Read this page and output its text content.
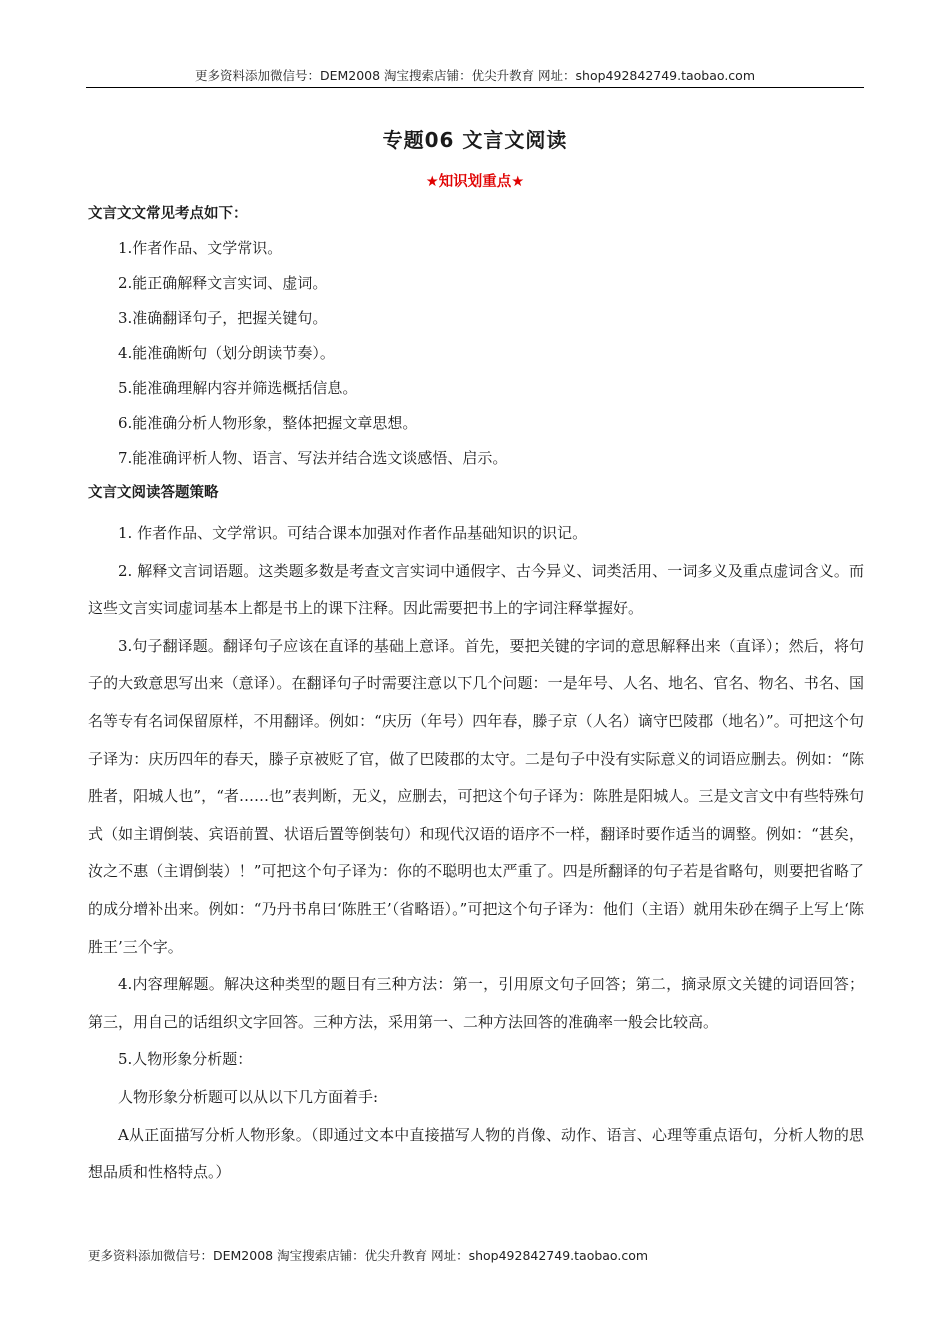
更多资料添加微信号：DEM2008 淘宝搜索店铺：优尖升教育 网址：shop492842749.taobao.com
专题06 文言文阅读
★知识划重点★
文言文文常见考点如下：
1.作者作品、文学常识。
2.能正确解释文言实词、虚词。
3.准确翻译句子，把握关键句。
4.能准确断句（划分朗读节奏）。
5.能准确理解内容并筛选概括信息。
6.能准确分析人物形象，整体把握文章思想。
7.能准确评析人物、语言、写法并结合选文谈感悟、启示。
文言文阅读答题策略

1. 作者作品、文学常识。可结合课本加强对作者作品基础知识的识记。

2. 解释文言词语题。这类题多数是考查文言实词中通假字、古今异义、词类活用、一词多义及重点虚词含义。而这些文言实词虚词基本上都是书上的课下注释。因此需要把书上的字词注释掌握好。

3.句子翻译题。翻译句子应该在直译的基础上意译。首先，要把关键的字词的意思解释出来（直译）；然后，将句子的大致意思写出来（意译）。在翻译句子时需要注意以下几个问题：一是年号、人名、地名、官名、物名、书名、国名等专有名词保留原样，不用翻译。例如：“庆历（年号）四年春，滕子京（人名）谪守巴陵郡（地名）”。可把这个句子译为：庆历四年的春天，滕子京被贬了官，做了巴陵郡的太守。二是句子中没有实际意义的词语应删去。例如：“陈胜者，阳城人也”，“者……也”表判断，无义，应删去，可把这个句子译为：陈胜是阳城人。三是文言文中有些特殊句式（如主谓倒装、宾语前置、状语后置等倒装句）和现代汉语的语序不一样，翻译时要作适当的调整。例如：“甚矣，汝之不惠（主谓倒装）！”可把这个句子译为：你的不聪明也太严重了。四是所翻译的句子若是省略句，则要把省略了的成分增补出来。例如：“乃丹书帛曰‘陈胜王’（省略语）。”可把这个句子译为：他们（主语）就用朱砂在绸子上写上‘陈胜王’三个字。

4.内容理解题。解决这种类型的题目有三种方法：第一，引用原文句子回答；第二，摘录原文关键的词语回答；第三，用自己的话组织文字回答。三种方法，采用第一、二种方法回答的准确率一般会比较高。

5.人物形象分析题：

人物形象分析题可以从以下几方面着手:

A从正面描写分析人物形象。（即通过文本中直接描写人物的肖像、动作、语言、心理等重点语句，分析人物的思想品质和性格特点。）

更多资料添加微信号：DEM2008 淘宝搜索店铺：优尖升教育 网址：shop492842749.taobao.com
